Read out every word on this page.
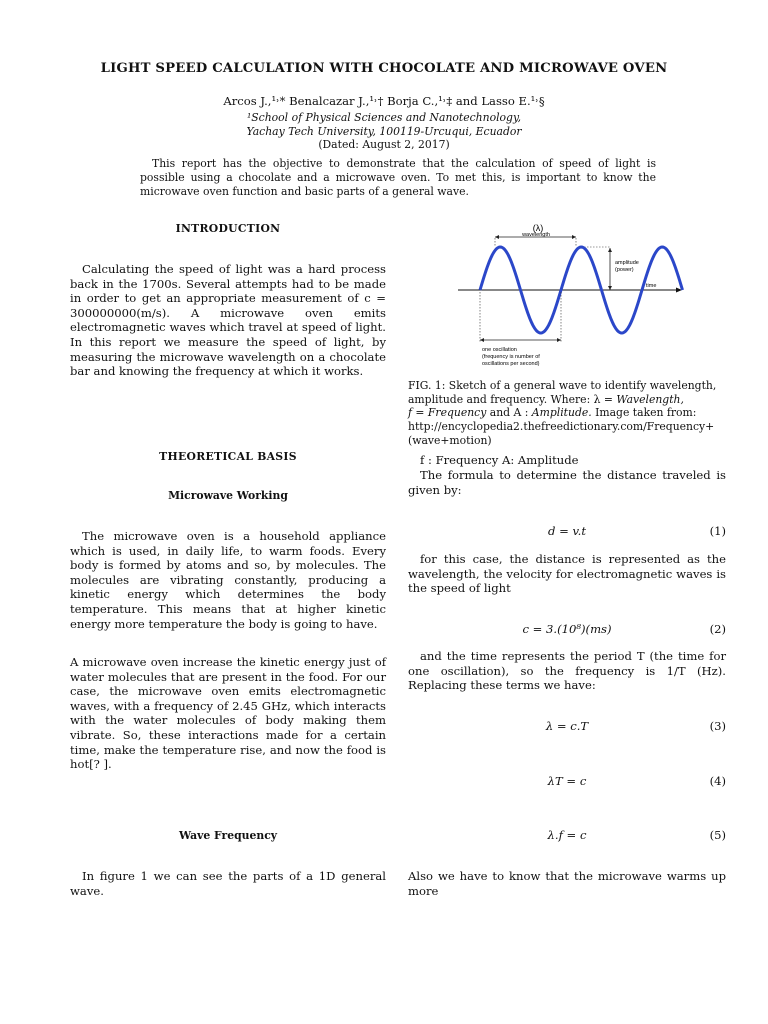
LIGHT SPEED CALCULATION WITH CHOCOLATE AND MICROWAVE OVEN
Arcos J.,¹˒* Benalcazar J.,¹˒† Borja C.,¹˒‡ and Lasso E.¹˒§
¹School of Physical Sciences and Nanotechnology,
Yachay Tech University, 100119-Urcuqui, Ecuador
(Dated: August 2, 2017)
This report has the objective to demonstrate that the calculation of speed of light is possible using a chocolate and a microwave oven. To met this, is important to know the microwave oven function and basic parts of a general wave.
INTRODUCTION
Calculating the speed of light was a hard process back in the 1700s. Several attempts had to be made in order to get an appropriate measurement of c = 300000000(m/s). A microwave oven emits electromagnetic waves which travel at speed of light. In this report we measure the speed of light, by measuring the microwave wavelength on a chocolate bar and knowing the frequency at which it works.
THEORETICAL BASIS
Microwave Working
The microwave oven is a household appliance which is used, in daily life, to warm foods. Every body is formed by atoms and so, by molecules. The molecules are vibrating constantly, producing a kinetic energy which determines the body temperature. This means that at higher kinetic energy more temperature the body is going to have.
A microwave oven increase the kinetic energy just of water molecules that are present in the food. For our case, the microwave oven emits electromagnetic waves, with a frequency of 2.45 GHz, which interacts with the water molecules of body making them vibrate. So, these interactions made for a certain time, make the temperature rise, and now the food is hot[? ].
Wave Frequency
In figure 1 we can see the parts of a 1D general wave.
(λ)
wavelength
amplitude
(power)
time
one oscillation
(frequency is number of
oscillations per second)
FIG. 1: Sketch of a general wave to identify wavelength,
amplitude and frequency. Where: λ = Wavelength,
f = Frequency and A : Amplitude. Image taken from:
http://encyclopedia2.thefreedictionary.com/Frequency+(wave+motion)
f : Frequency A: Amplitude
The formula to determine the distance traveled is given by:
d = v.t	(1)
for this case, the distance is represented as the wavelength, the velocity for electromagnetic waves is the speed of light
c = 3.(10⁸)(ms)	(2)
and the time represents the period T (the time for one oscillation), so the frequency is 1/T (Hz). Replacing these terms we have:
λ = c.T	(3)
λT = c	(4)
λ.f = c	(5)
Also we have to know that the microwave warms up more
